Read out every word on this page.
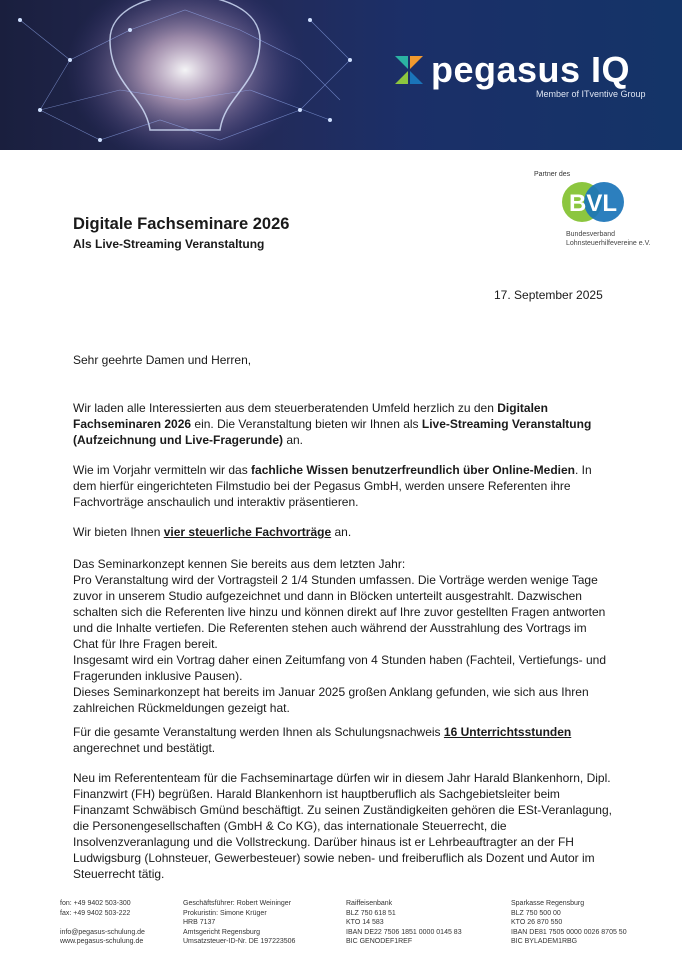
pegasus IQ
Member of ITventive Group
Partner des
BVL
Bundesverband
Lohnsteuerhilfevereine e.V.
Digitale Fachseminare 2026
Als Live-Streaming Veranstaltung
17. September 2025
Sehr geehrte Damen und Herren,
Wir laden alle Interessierten aus dem steuerberatenden Umfeld herzlich zu den Digitalen Fachseminaren 2026 ein. Die Veranstaltung bieten wir Ihnen als Live-Streaming Veranstaltung (Aufzeichnung und Live-Fragerunde) an.
Wie im Vorjahr vermitteln wir das fachliche Wissen benutzerfreundlich über Online-Medien. In dem hierfür eingerichteten Filmstudio bei der Pegasus GmbH, werden unsere Referenten ihre Fachvorträge anschaulich und interaktiv präsentieren.
Wir bieten Ihnen vier steuerliche Fachvorträge an.
Das Seminarkonzept kennen Sie bereits aus dem letzten Jahr:
Pro Veranstaltung wird der Vortragsteil 2 1/4 Stunden umfassen. Die Vorträge werden wenige Tage zuvor in unserem Studio aufgezeichnet und dann in Blöcken unterteilt ausgestrahlt. Dazwischen schalten sich die Referenten live hinzu und können direkt auf Ihre zuvor gestellten Fragen antworten und die Inhalte vertiefen. Die Referenten stehen auch während der Ausstrahlung des Vortrags im Chat für Ihre Fragen bereit.
Insgesamt wird ein Vortrag daher einen Zeitumfang von 4 Stunden haben (Fachteil, Vertiefungs- und Fragerunden inklusive Pausen).
Dieses Seminarkonzept hat bereits im Januar 2025 großen Anklang gefunden, wie sich aus Ihren zahlreichen Rückmeldungen gezeigt hat.
Für die gesamte Veranstaltung werden Ihnen als Schulungsnachweis 16 Unterrichtsstunden angerechnet und bestätigt.
Neu im Referententeam für die Fachseminartage dürfen wir in diesem Jahr Harald Blankenhorn, Dipl. Finanzwirt (FH) begrüßen. Harald Blankenhorn ist hauptberuflich als Sachgebietsleiter beim Finanzamt Schwäbisch Gmünd beschäftigt. Zu seinen Zuständigkeiten gehören die ESt-Veranlagung, die Personengesellschaften (GmbH & Co KG), das internationale Steuerrecht, die Insolvenzveranlagung und die Vollstreckung. Darüber hinaus ist er Lehrbeauftragter an der FH Ludwigsburg (Lohnsteuer, Gewerbesteuer) sowie neben- und freiberuflich als Dozent und Autor im Steuerrecht tätig.
fon: +49 9402 503-300
fax: +49 9402 503-222

info@pegasus-schulung.de
www.pegasus-schulung.de
Geschäftsführer: Robert Weininger
Prokuristin: Simone Krüger
HRB 7137
Amtsgericht Regensburg
Umsatzsteuer-ID-Nr. DE 197223506
Raiffeisenbank
BLZ 750 618 51
KTO 14 583
IBAN DE22 7506 1851 0000 0145 83
BIC GENODEF1REF
Sparkasse Regensburg
BLZ 750 500 00
KTO 26 870 550
IBAN DE81 7505 0000 0026 8705 50
BIC BYLADEM1RBG
